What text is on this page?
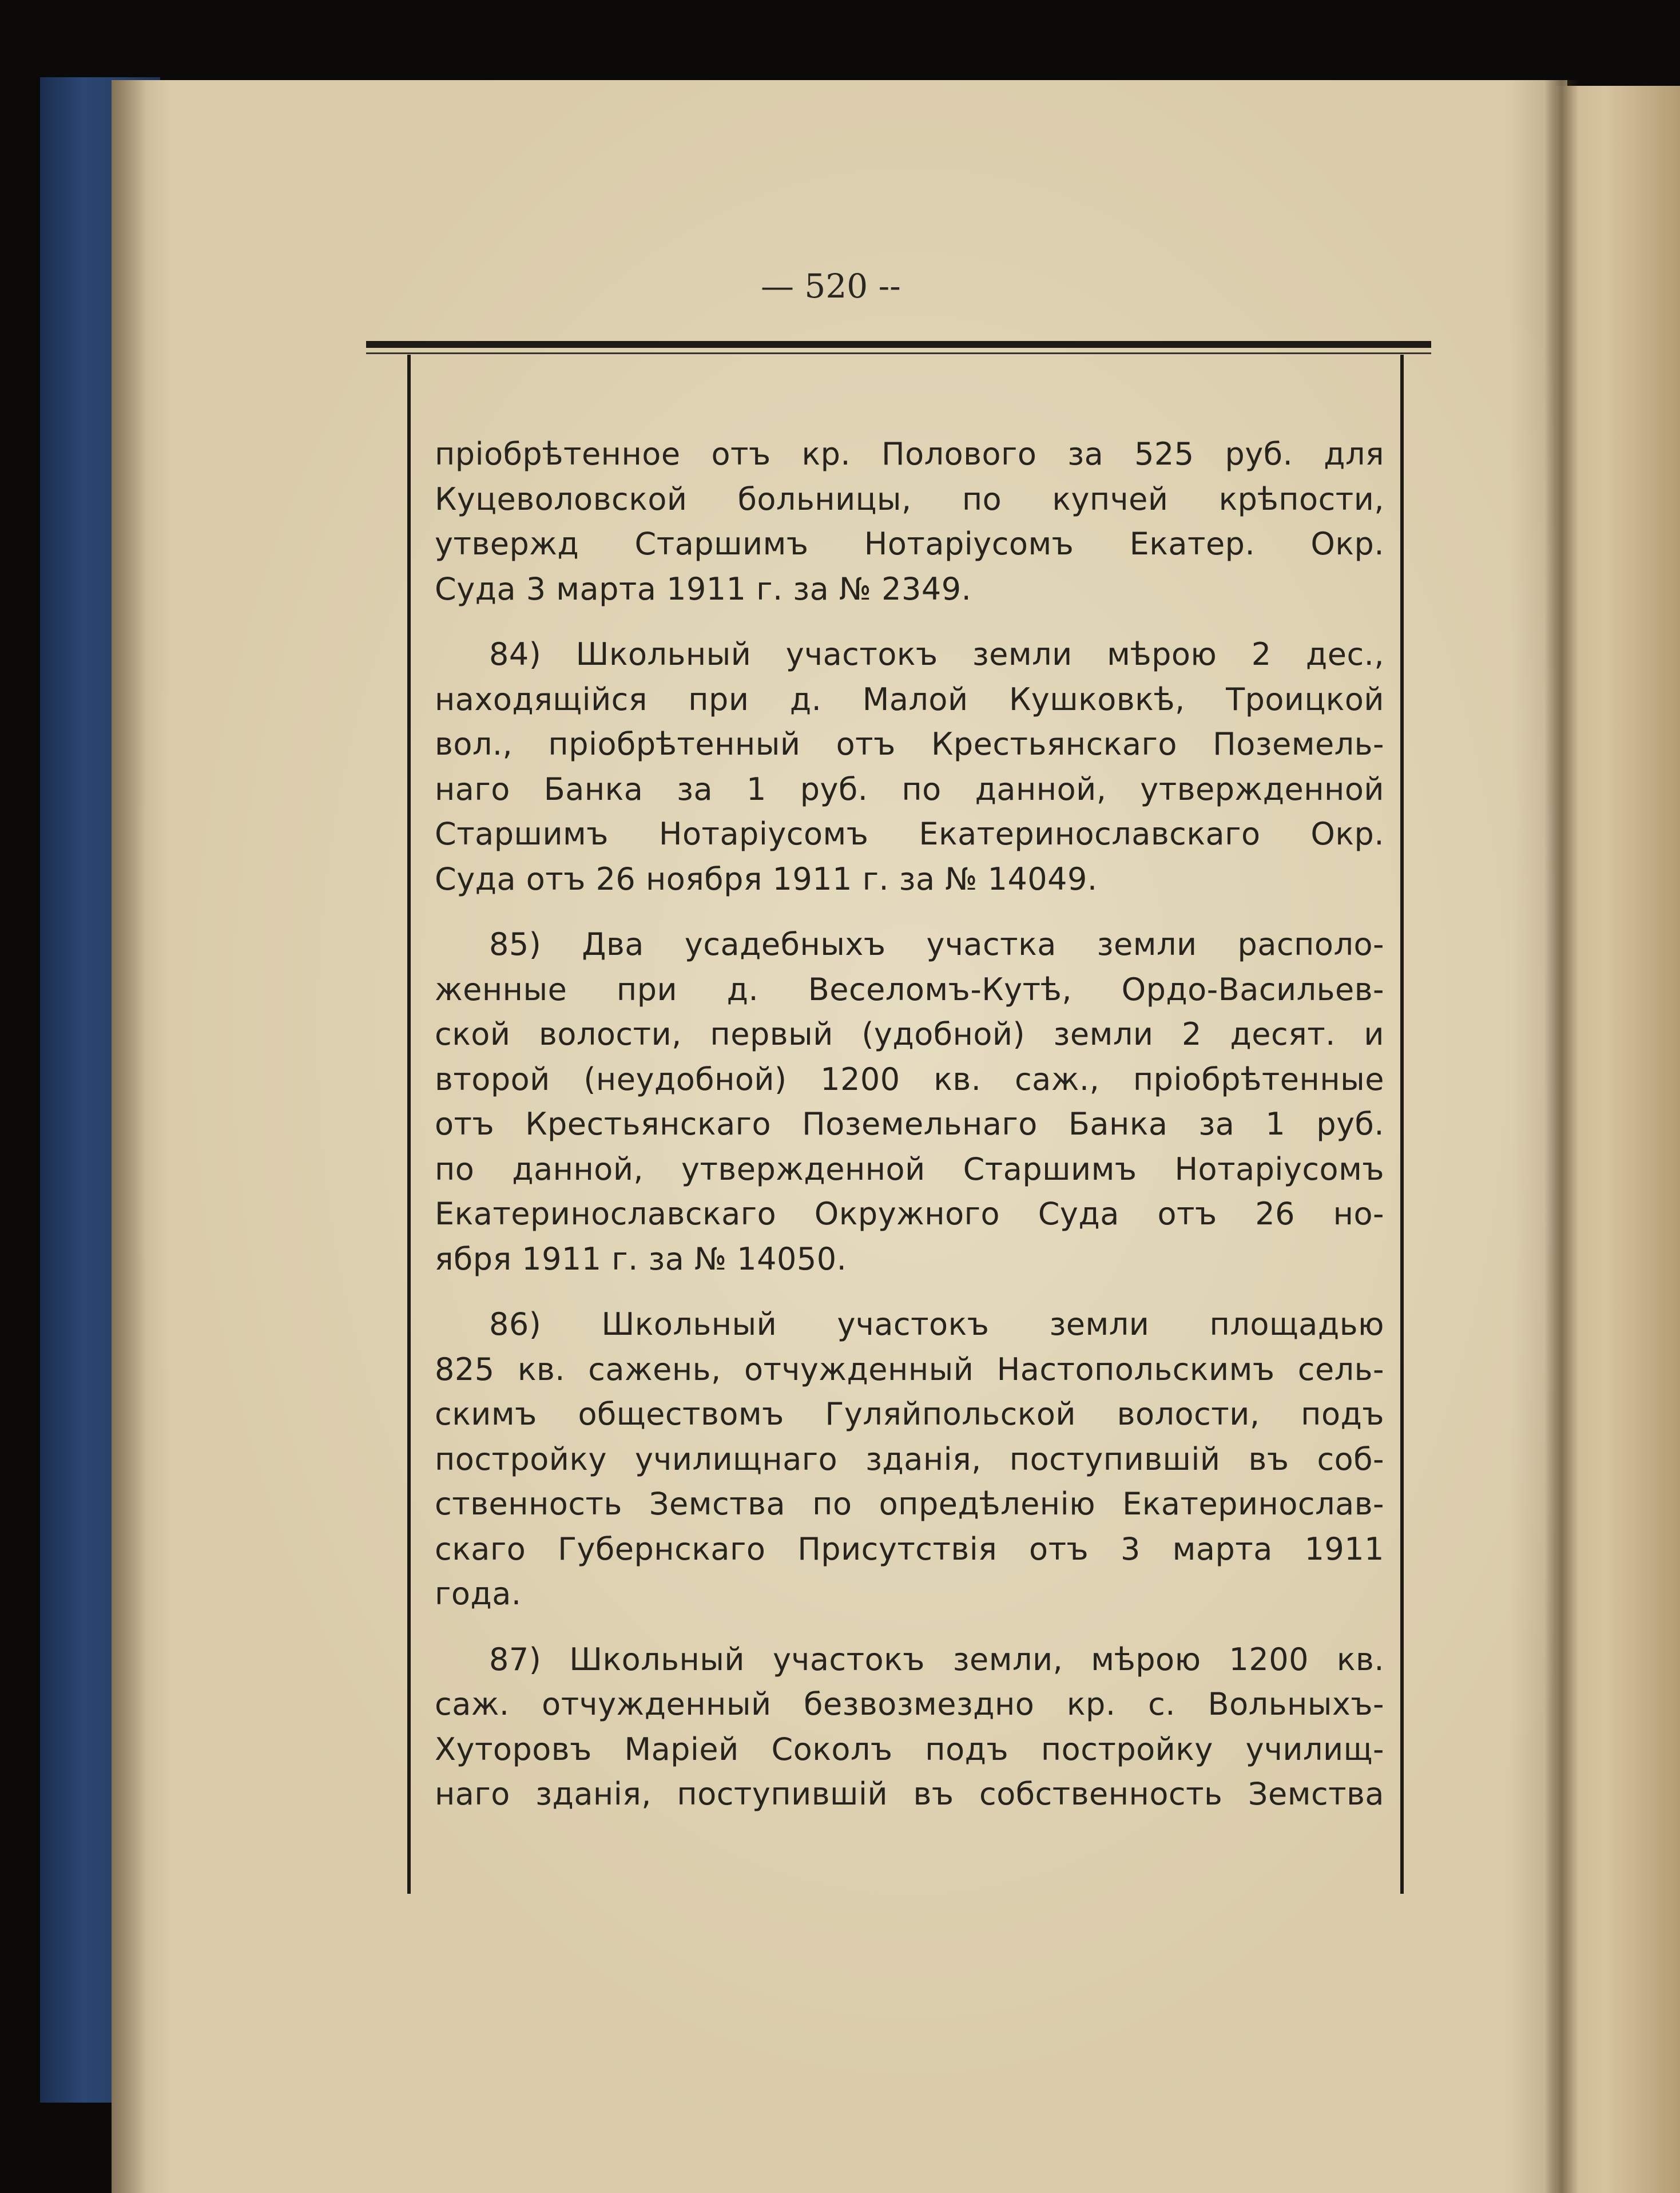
— 520 --
пріобрѣтенное отъ кр. Полового за 525 руб. для
Куцеволовской больницы, по купчей крѣпости,
утвержд Старшимъ Нотаріусомъ Екатер. Окр.
Суда 3 марта 1911 г. за № 2349.
84) Школьный участокъ земли мѣрою 2 дес.,
находящійся при д. Малой Кушковкѣ, Троицкой
вол., пріобрѣтенный отъ Крестьянскаго Поземель-
наго Банка за 1 руб. по данной, утвержденной
Старшимъ Нотаріусомъ Екатеринославскаго Окр.
Суда отъ 26 ноября 1911 г. за № 14049.
85) Два усадебныхъ участка земли располо-
женные при д. Веселомъ-Кутѣ, Ордо-Васильев-
ской волости, первый (удобной) земли 2 десят. и
второй (неудобной) 1200 кв. саж., пріобрѣтенные
отъ Крестьянскаго Поземельнаго Банка за 1 руб.
по данной, утвержденной Старшимъ Нотаріусомъ
Екатеринославскаго Окружного Суда отъ 26 но-
ября 1911 г. за № 14050.
86) Школьный участокъ земли площадью
825 кв. сажень, отчужденный Настопольскимъ сель-
скимъ обществомъ Гуляйпольской волости, подъ
постройку училищнаго зданія, поступившій въ соб-
ственность Земства по опредѣленію Екатеринослав-
скаго Губернскаго Присутствія отъ 3 марта 1911
года.
87) Школьный участокъ земли, мѣрою 1200 кв.
саж. отчужденный безвозмездно кр. с. Вольныхъ-
Хуторовъ Маріей Соколъ подъ постройку училищ-
наго зданія, поступившій въ собственность Земства
